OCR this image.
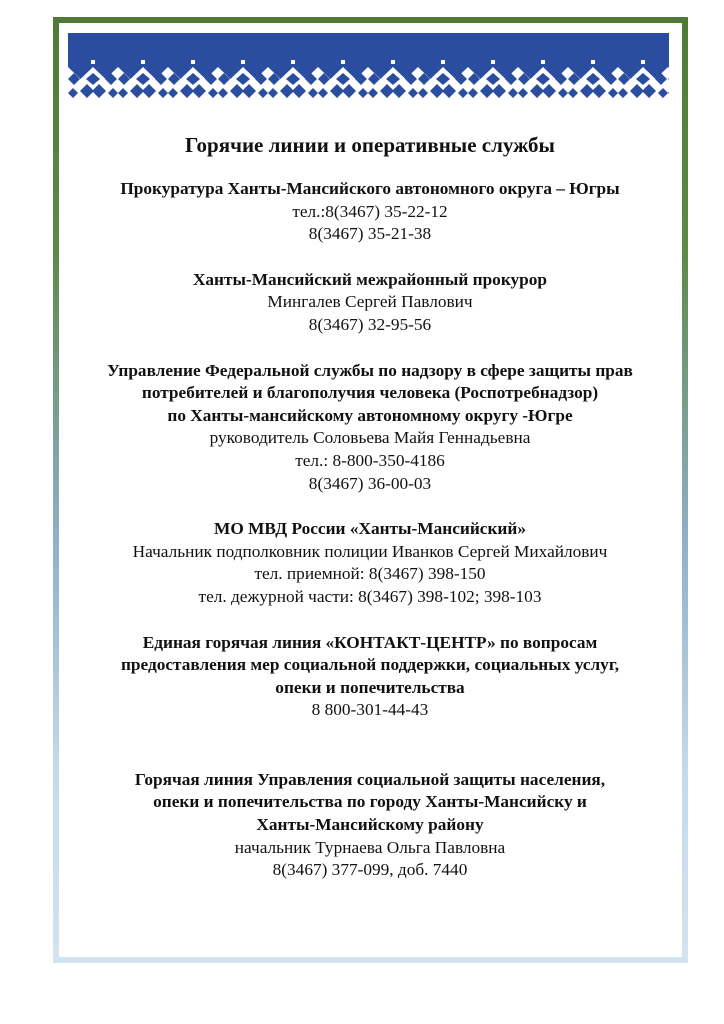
Горячие линии и оперативные службы
Прокуратура Ханты-Мансийского автономного округа – Югры
тел.:8(3467) 35-22-12
8(3467) 35-21-38
Ханты-Мансийский межрайонный прокурор
Мингалев Сергей Павлович
8(3467) 32-95-56
Управление Федеральной службы по надзору в сфере защиты прав
потребителей и благополучия человека (Роспотребнадзор)
по Ханты-мансийскому автономному округу -Югре
руководитель Соловьева Майя Геннадьевна
тел.: 8-800-350-4186
8(3467) 36-00-03
МО МВД России «Ханты-Мансийский»
Начальник подполковник полиции Иванков Сергей Михайлович
тел. приемной: 8(3467) 398-150
тел. дежурной части: 8(3467) 398-102; 398-103
Единая горячая линия «КОНТАКТ-ЦЕНТР» по вопросам
предоставления мер социальной поддержки, социальных услуг,
опеки и попечительства
8 800-301-44-43
Горячая линия Управления социальной защиты населения,
опеки и попечительства по городу Ханты-Мансийску и
Ханты-Мансийскому району
начальник Турнаева Ольга Павловна
8(3467) 377-099, доб. 7440
